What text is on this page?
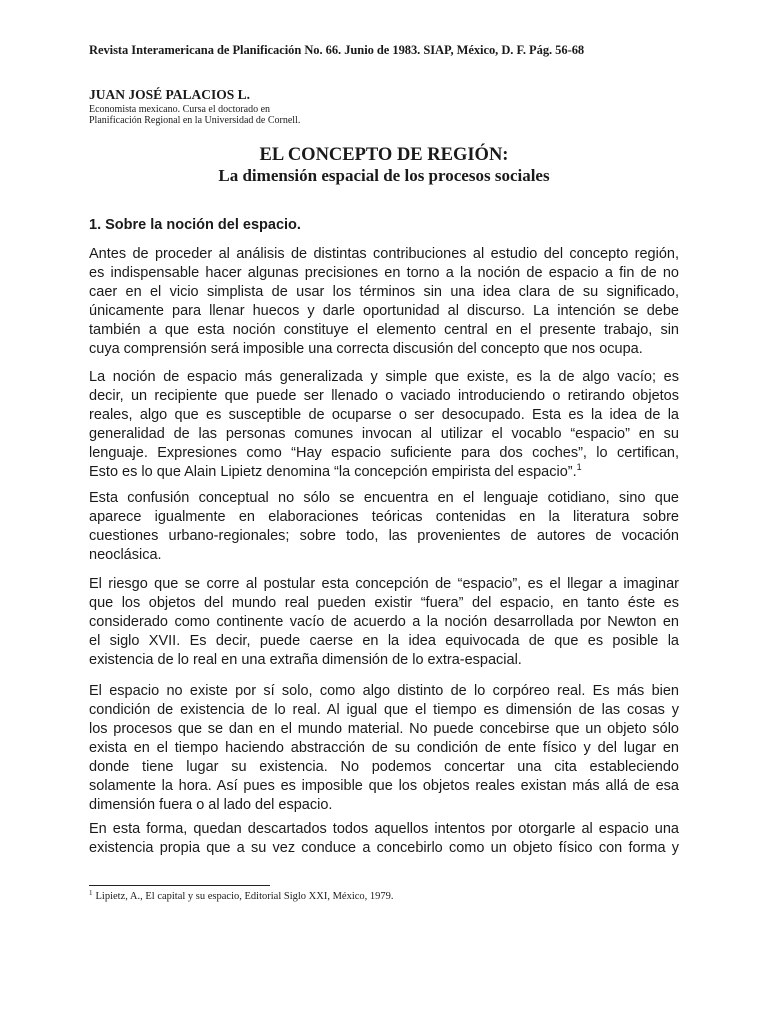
Revista Interamericana de Planificación No. 66. Junio de 1983. SIAP, México, D. F. Pág. 56-68
JUAN JOSÉ PALACIOS L.
Economista mexicano. Cursa el doctorado en
Planificación Regional en la Universidad de Cornell.
EL CONCEPTO DE REGIÓN:
La dimensión espacial de los procesos sociales
1. Sobre la noción del espacio.
Antes de proceder al análisis de distintas contribuciones al estudio del concepto región,
es indispensable hacer algunas precisiones en torno a la noción de espacio a fin de no
caer en el vicio simplista de usar los términos sin una idea clara de su significado,
únicamente para llenar huecos y darle oportunidad al discurso. La intención se debe
también a que esta noción constituye el elemento central en el presente trabajo, sin
cuya comprensión será imposible una correcta discusión del concepto que nos ocupa.
La noción de espacio más generalizada y simple que existe, es la de algo vacío; es
decir, un recipiente que puede ser llenado o vaciado introduciendo o retirando objetos
reales, algo que es susceptible de ocuparse o ser desocupado. Esta es la idea de la
generalidad de las personas comunes invocan al utilizar el vocablo “espacio” en su
lenguaje. Expresiones como “Hay espacio suficiente para dos coches”, lo certifican,
Esto es lo que Alain Lipietz denomina “la concepción empirista del espacio”.$^1$
Esta confusión conceptual no sólo se encuentra en el lenguaje cotidiano, sino que
aparece igualmente en elaboraciones teóricas contenidas en la literatura sobre
cuestiones urbano-regionales; sobre todo, las provenientes de autores de vocación
neoclásica.
El riesgo que se corre al postular esta concepción de “espacio”, es el llegar a imaginar
que los objetos del mundo real pueden existir “fuera” del espacio, en tanto éste es
considerado como continente vacío de acuerdo a la noción desarrollada por Newton en
el siglo XVII. Es decir, puede caerse en la idea equivocada de que es posible la
existencia de lo real en una extraña dimensión de lo extra-espacial.
El espacio no existe por sí solo, como algo distinto de lo corpóreo real. Es más bien
condición de existencia de lo real. Al igual que el tiempo es dimensión de las cosas y
los procesos que se dan en el mundo material. No puede concebirse que un objeto sólo
exista en el tiempo haciendo abstracción de su condición de ente físico y del lugar en
donde tiene lugar su existencia. No podemos concertar una cita estableciendo
solamente la hora. Así pues es imposible que los objetos reales existan más allá de esa
dimensión fuera o al lado del espacio.
En esta forma, quedan descartados todos aquellos intentos por otorgarle al espacio una
existencia propia que a su vez conduce a concebirlo como un objeto físico con forma y
$^1$ Lipietz, A., El capital y su espacio, Editorial Siglo XXI, México, 1979.
